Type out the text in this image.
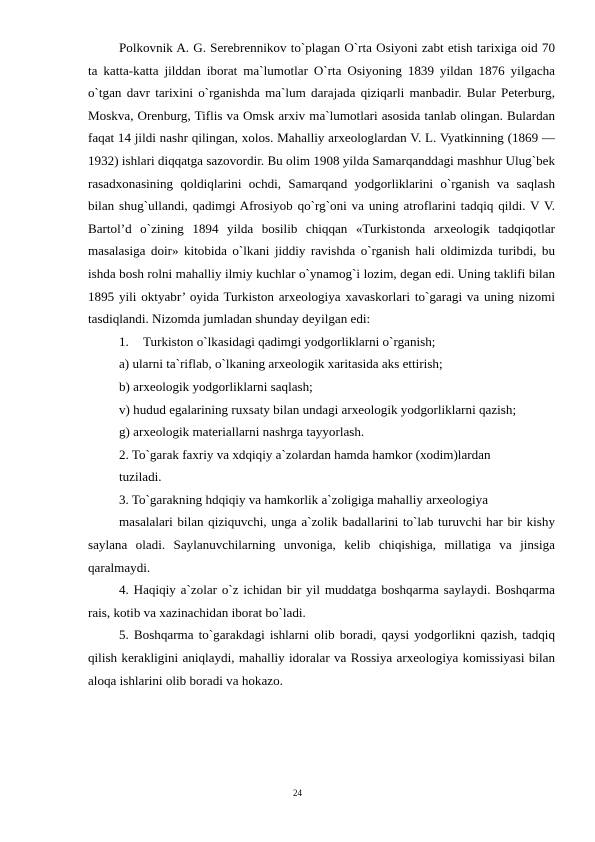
Polkovnik A. G. Serebrennikov to`plagan O`rta Osiyoni zabt etish tarixiga oid 70 ta katta-katta jilddan iborat ma`lumotlar O`rta Osiyoning 1839 yildan 1876 yilgacha o`tgan davr tarixini o`rganishda ma`lum darajada qiziqarli manbadir. Bular Peterburg, Moskva, Orenburg, Tiflis va Omsk arxiv ma`lumotlari asosida tanlab olingan. Bulardan faqat 14 jildi nashr qilingan, xolos. Mahalliy arxeologlardan V. L. Vyatkinning (1869 — 1932) ishlari diqqatga sazovordir. Bu olim 1908 yilda Samarqanddagi mashhur Ulug`bek rasadxonasining qoldiqlarini ochdi, Samarqand yodgorliklarini o`rganish va saqlash bilan shug`ullandi, qadimgi Afrosiyob qo`rg`oni va uning atroflarini tadqiq qildi. V V. Bartol’d o`zining 1894 yilda bosilib chiqqan «Turkistonda arxeologik tadqiqotlar masalasiga doir» kitobida o`lkani jiddiy ravishda o`rganish hali oldimizda turibdi, bu ishda bosh rolni mahalliy ilmiy kuchlar o`ynamog`i lozim, degan edi. Uning taklifi bilan 1895 yili oktyabr’ oyida Turkiston arxeologiya xavaskorlari to`garagi va uning nizomi tasdiqlandi. Nizomda jumladan shunday deyilgan edi:

1. Turkiston o`lkasidagi qadimgi yodgorliklarni o`rganish;

a) ularni ta`riflab, o`lkaning arxeologik xaritasida aks ettirish;

b) arxeologik yodgorliklarni saqlash;

v) hudud egalarining ruxsaty bilan undagi arxeologik yodgorliklarni qazish;

g) arxeologik materiallarni nashrga tayyorlash.

2. To`garak faxriy va xdqiqiy a`zolardan hamda hamkor (xodim)lardan

tuziladi.

3. To`garakning hdqiqiy va hamkorlik a`zoligiga mahalliy arxeologiya

masalalari bilan qiziquvchi, unga a`zolik badallarini to`lab turuvchi har bir kishy saylana oladi. Saylanuvchilarning unvoniga, kelib chiqishiga, millatiga va jinsiga qaralmaydi.

4. Haqiqiy a`zolar o`z ichidan bir yil muddatga boshqarma saylaydi. Boshqarma rais, kotib va xazinachidan iborat bo`ladi.

5. Boshqarma to`garakdagi ishlarni olib boradi, qaysi yodgorlikni qazish, tadqiq qilish kerakligini aniqlaydi, mahalliy idoralar va Rossiya arxeologiya komissiyasi bilan aloqa ishlarini olib boradi va hokazo.

24
